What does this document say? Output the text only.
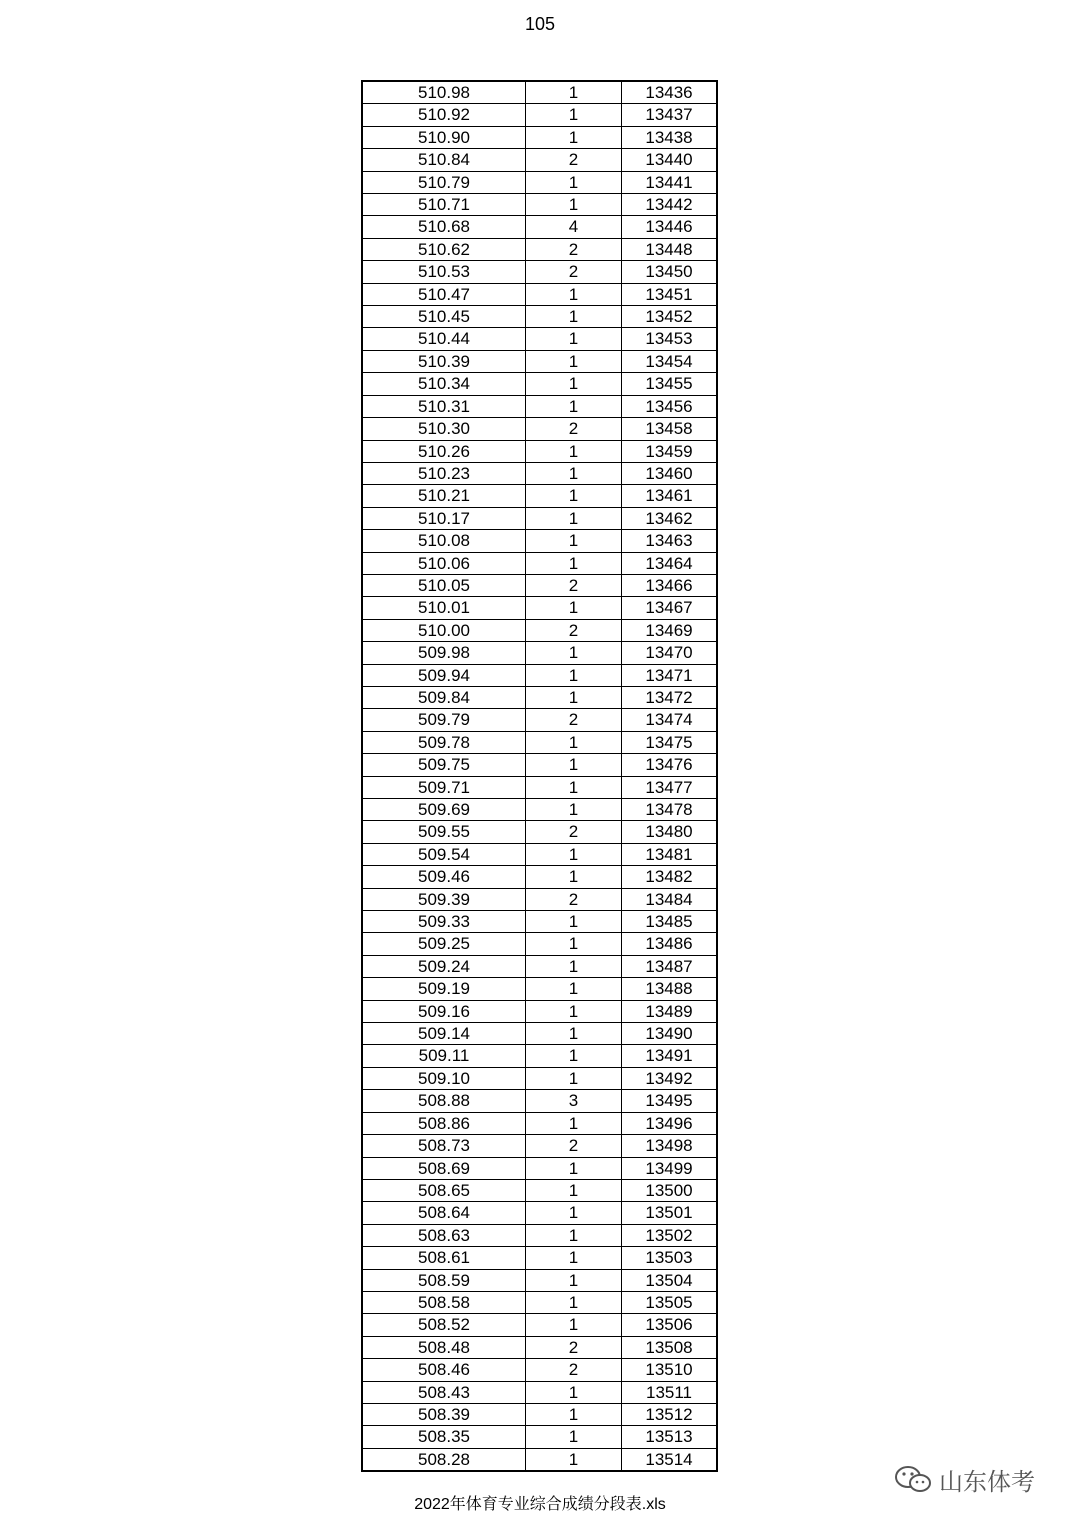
105
510.98	1	13436
510.92	1	13437
510.90	1	13438
510.84	2	13440
510.79	1	13441
510.71	1	13442
510.68	4	13446
510.62	2	13448
510.53	2	13450
510.47	1	13451
510.45	1	13452
510.44	1	13453
510.39	1	13454
510.34	1	13455
510.31	1	13456
510.30	2	13458
510.26	1	13459
510.23	1	13460
510.21	1	13461
510.17	1	13462
510.08	1	13463
510.06	1	13464
510.05	2	13466
510.01	1	13467
510.00	2	13469
509.98	1	13470
509.94	1	13471
509.84	1	13472
509.79	2	13474
509.78	1	13475
509.75	1	13476
509.71	1	13477
509.69	1	13478
509.55	2	13480
509.54	1	13481
509.46	1	13482
509.39	2	13484
509.33	1	13485
509.25	1	13486
509.24	1	13487
509.19	1	13488
509.16	1	13489
509.14	1	13490
509.11	1	13491
509.10	1	13492
508.88	3	13495
508.86	1	13496
508.73	2	13498
508.69	1	13499
508.65	1	13500
508.64	1	13501
508.63	1	13502
508.61	1	13503
508.59	1	13504
508.58	1	13505
508.52	1	13506
508.48	2	13508
508.46	2	13510
508.43	1	13511
508.39	1	13512
508.35	1	13513
508.28	1	13514
山东体考
2022年体育专业综合成绩分段表.xls
